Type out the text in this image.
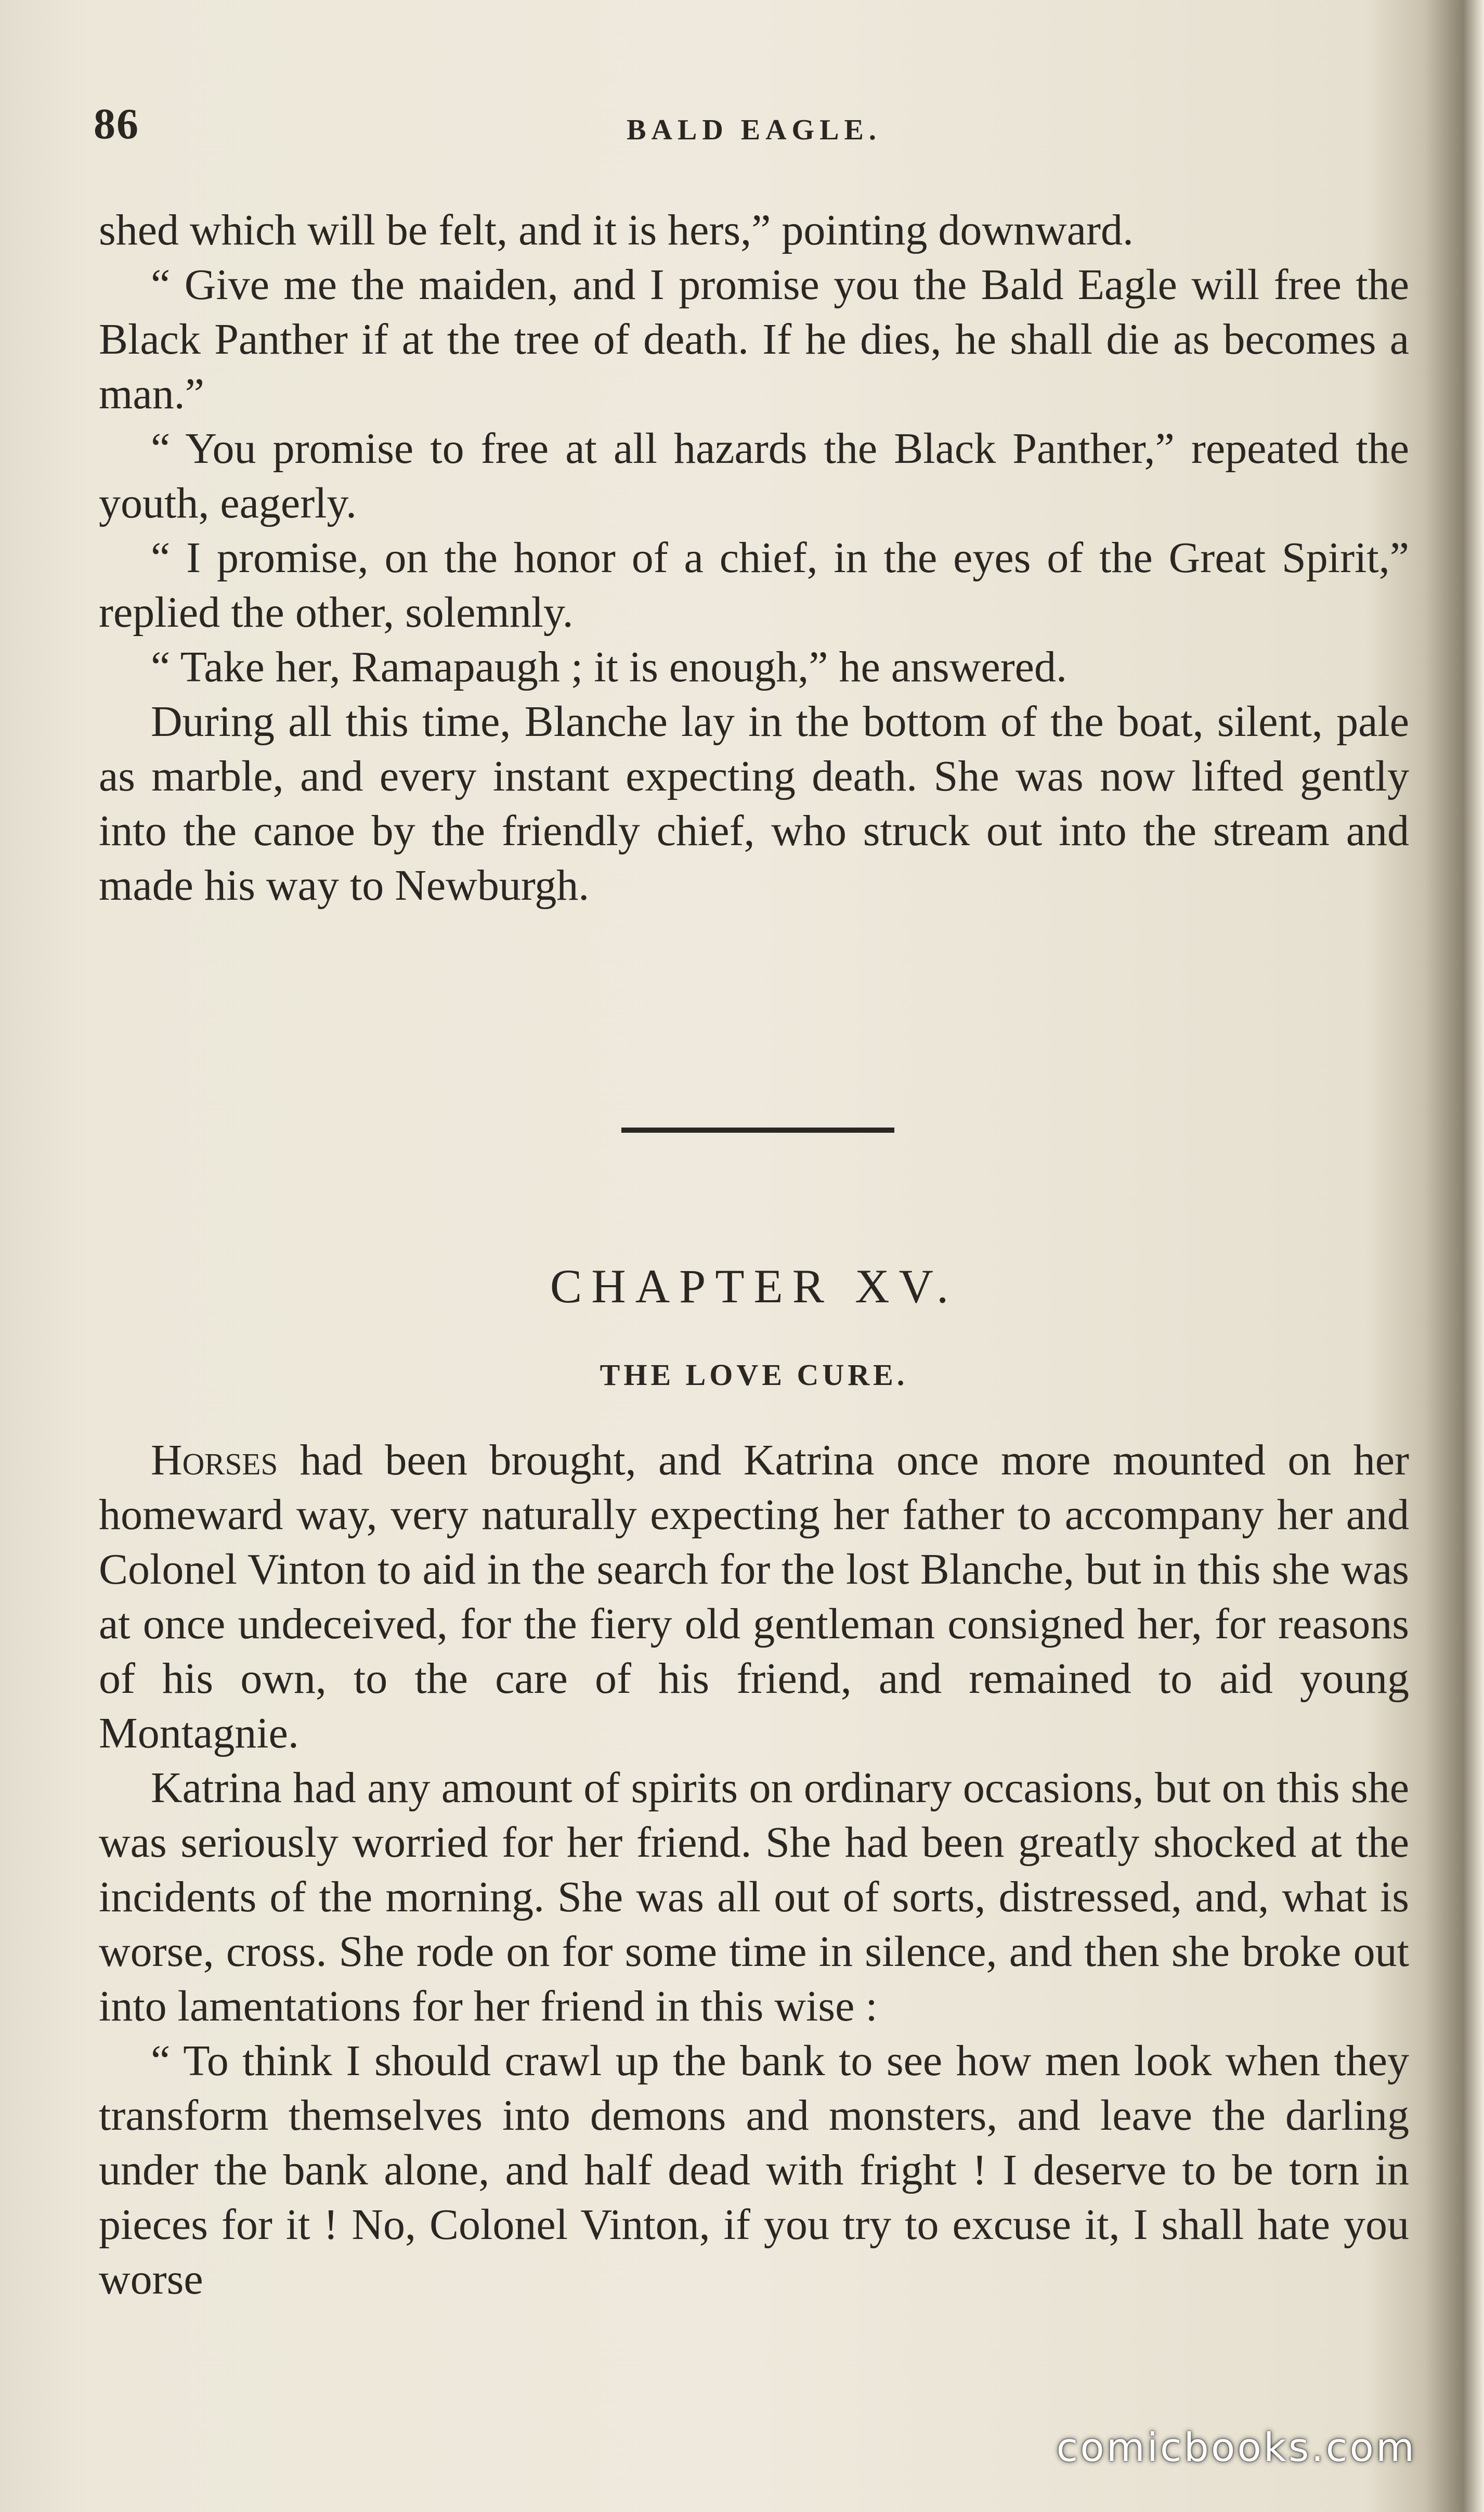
86	BALD EAGLE.

shed which will be felt, and it is hers,” pointing downward.

“ Give me the maiden, and I promise you the Bald Eagle will free the Black Panther if at the tree of death. If he dies, he shall die as becomes a man.”

“ You promise to free at all hazards the Black Panther,” repeated the youth, eagerly.

“ I promise, on the honor of a chief, in the eyes of the Great Spirit,” replied the other, solemnly.

“ Take her, Ramapaugh ; it is enough,” he answered.

During all this time, Blanche lay in the bottom of the boat, silent, pale as marble, and every instant expecting death. She was now lifted gently into the canoe by the friendly chief, who struck out into the stream and made his way to Newburgh.

CHAPTER XV.
THE LOVE CURE.

Horses had been brought, and Katrina once more mounted on her homeward way, very naturally expecting her father to accompany her and Colonel Vinton to aid in the search for the lost Blanche, but in this she was at once undeceived, for the fiery old gentleman consigned her, for reasons of his own, to the care of his friend, and remained to aid young Montagnie.

Katrina had any amount of spirits on ordinary occasions, but on this she was seriously worried for her friend. She had been greatly shocked at the incidents of the morning. She was all out of sorts, distressed, and, what is worse, cross. She rode on for some time in silence, and then she broke out into lamentations for her friend in this wise :

“ To think I should crawl up the bank to see how men look when they transform themselves into demons and monsters, and leave the darling under the bank alone, and half dead with fright ! I deserve to be torn in pieces for it ! No, Colonel Vinton, if you try to excuse it, I shall hate you worse

comicbooks.com
